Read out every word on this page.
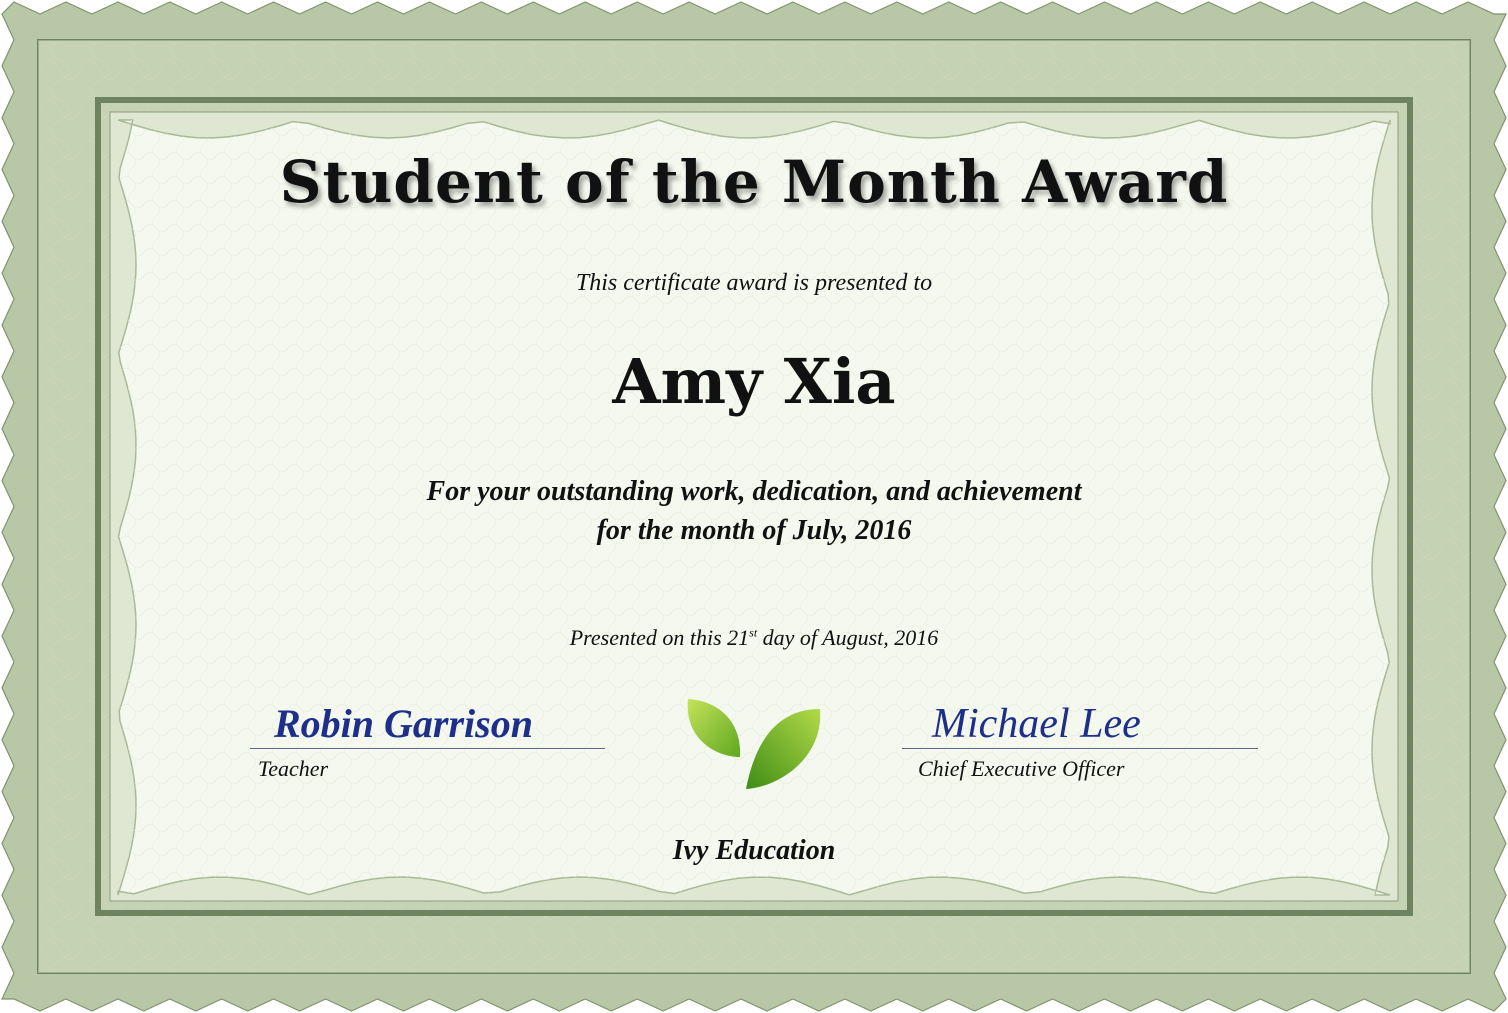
Student of the Month Award
This certificate award is presented to
Amy Xia
For your outstanding work, dedication, and achievement
for the month of July, 2016
Presented on this 21st day of August, 2016
Robin Garrison
Teacher
Michael Lee
Chief Executive Officer
Ivy Education
